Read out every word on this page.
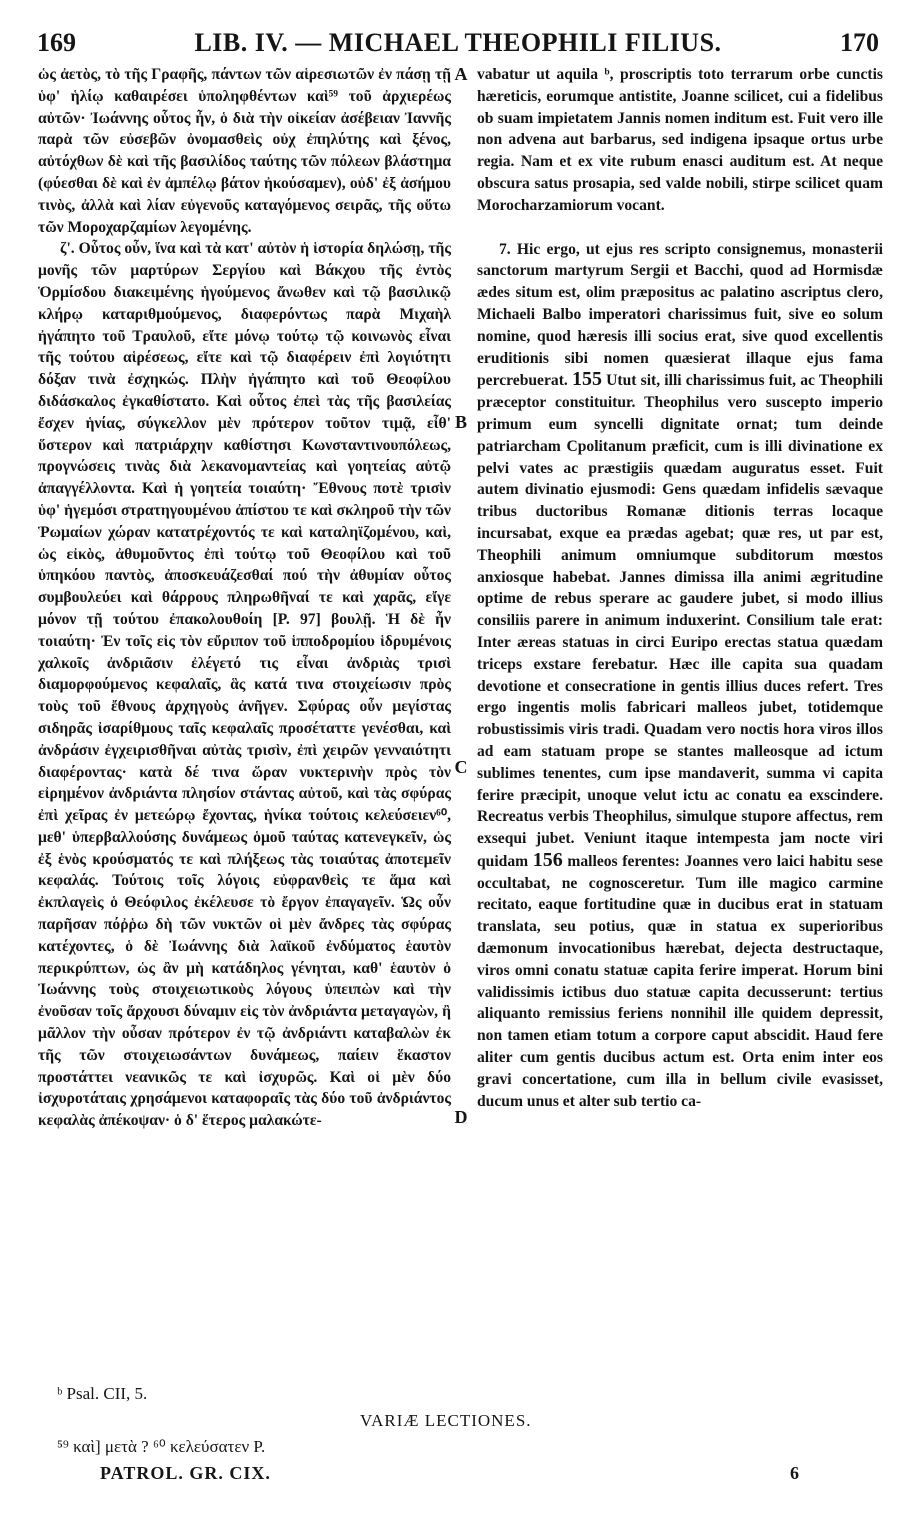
169	LIB. IV. — MICHAEL THEOPHILI FILIUS.	170

ὡς ἀετὸς, τὸ τῆς Γραφῆς, πάντων τῶν αἱρεσιωτῶν ἐν πάσῃ τῇ ὑφ' ἡλίῳ καθαιρέσει ὑποληφθέντων καὶ⁵⁹ τοῦ ἀρχιερέως αὐτῶν· Ἰωάννης οὗτος ἦν, ὁ διὰ τὴν οἰκείαν ἀσέβειαν Ἰαννῆς παρὰ τῶν εὐσεβῶν ὀνομασθεὶς οὐχ ἐπηλύτης καὶ ξένος, αὐτόχθων δὲ καὶ τῆς βασιλίδος ταύτης τῶν πόλεων βλάστημα (φύεσθαι δὲ καὶ ἐν ἀμπέλῳ βάτον ἠκούσαμεν), οὐδ' ἐξ ἀσήμου τινὸς, ἀλλὰ καὶ λίαν εὐγενοῦς καταγόμενος σειρᾶς, τῆς οὕτω τῶν Μοροχαρζαμίων λεγομένης.

ζ'. Οὗτος οὖν, ἵνα καὶ τὰ κατ' αὐτὸν ἡ ἱστορία δηλώσῃ, τῆς μονῆς τῶν μαρτύρων Σεργίου καὶ Βάκχου τῆς ἐντὸς Ὁρμίσδου διακειμένης ἡγούμενος ἄνωθεν καὶ τῷ βασιλικῷ κλήρῳ καταριθμούμενος, διαφερόντως παρὰ Μιχαὴλ ἠγάπητο τοῦ Τραυλοῦ, εἴτε μόνῳ τούτῳ τῷ κοινωνὸς εἶναι τῆς τούτου αἱρέσεως, εἴτε καὶ τῷ διαφέρειν ἐπὶ λογιότητι δόξαν τινὰ ἐσχηκώς. Πλὴν ἠγάπητο καὶ τοῦ Θεοφίλου διδάσκαλος ἐγκαθίστατο. Καὶ οὗτος ἐπεὶ τὰς τῆς βασιλείας ἔσχεν ἡνίας, σύγκελλον μὲν πρότερον τοῦτον τιμᾷ, εἶθ' ὕστερον καὶ πατριάρχην καθίστησι Κωνσταντινουπόλεως, προγνώσεις τινὰς διὰ λεκανομαντείας καὶ γοητείας αὐτῷ ἀπαγγέλλοντα. Καὶ ἡ γοητεία τοιαύτη· Ἔθνους ποτὲ τρισὶν ὑφ' ἡγεμόσι στρατηγουμένου ἀπίστου τε καὶ σκληροῦ τὴν τῶν Ῥωμαίων χώραν κατατρέχοντός τε καὶ καταληϊζομένου, καὶ, ὡς εἰκὸς, ἀθυμοῦντος ἐπὶ τούτῳ τοῦ Θεοφίλου καὶ τοῦ ὑπηκόου παντὸς, ἀποσκευάζεσθαί πού τὴν ἀθυμίαν οὗτος συμβουλεύει καὶ θάρρους πληρωθῆναί τε καὶ χαρᾶς, εἴγε μόνον τῇ τούτου ἐπακολουθοίη [P. 97] βουλῇ. Ἡ δὲ ἦν τοιαύτη· Ἐν τοῖς εἰς τὸν εὔριπον τοῦ ἱπποδρομίου ἱδρυμένοις χαλκοῖς ἀνδριᾶσιν ἐλέγετό τις εἶναι ἀνδριὰς τρισὶ διαμορφούμενος κεφαλαῖς, ἃς κατά τινα στοιχείωσιν πρὸς τοὺς τοῦ ἔθνους ἀρχηγοὺς ἀνῆγεν. Σφύρας οὖν μεγίστας σιδηρᾶς ἰσαρίθμους ταῖς κεφαλαῖς προσέταττε γενέσθαι, καὶ ἀνδράσιν ἐγχειρισθῆναι αὐτὰς τρισὶν, ἐπὶ χειρῶν γενναιότητι διαφέροντας· κατὰ δέ τινα ὥραν νυκτερινὴν πρὸς τὸν εἰρημένον ἀνδριάντα πλησίον στάντας αὐτοῦ, καὶ τὰς σφύρας ἐπὶ χεῖρας ἐν μετεώρῳ ἔχοντας, ἡνίκα τούτοις κελεύσειεν⁶⁰, μεθ' ὑπερβαλλούσης δυνάμεως ὁμοῦ ταύτας κατενεγκεῖν, ὡς ἐξ ἑνὸς κρούσματός τε καὶ πλήξεως τὰς τοιαύτας ἀποτεμεῖν κεφαλάς. Τούτοις τοῖς λόγοις εὐφρανθεὶς τε ἅμα καὶ ἐκπλαγεὶς ὁ Θεόφιλος ἐκέλευσε τὸ ἔργον ἐπαγαγεῖν. Ὡς οὖν παρῆσαν πόῤῥω δὴ τῶν νυκτῶν οἱ μὲν ἄνδρες τὰς σφύρας κατέχοντες, ὁ δὲ Ἰωάννης διὰ λαϊκοῦ ἐνδύματος ἑαυτὸν περικρύπτων, ὡς ἂν μὴ κατάδηλος γένηται, καθ' ἑαυτὸν ὁ Ἰωάννης τοὺς στοιχειωτικοὺς λόγους ὑπειπὼν καὶ τὴν ἐνοῦσαν τοῖς ἄρχουσι δύναμιν εἰς τὸν ἀνδριάντα μεταγαγὼν, ἢ μᾶλλον τὴν οὖσαν πρότερον ἐν τῷ ἀνδριάντι καταβαλὼν ἐκ τῆς τῶν στοιχειωσάντων δυνάμεως, παίειν ἕκαστον προστάττει νεανικῶς τε καὶ ἰσχυρῶς. Καὶ οἱ μὲν δύο ἰσχυροτάταις χρησάμενοι καταφοραῖς τὰς δύο τοῦ ἀνδριάντος κεφαλὰς ἀπέκοψαν· ὁ δ' ἕτερος μαλακώτε-

vabatur ut aquila ᵇ, proscriptis toto terrarum orbe cunctis hæreticis, eorumque antistite, Joanne scilicet, cui a fidelibus ob suam impietatem Jannis nomen inditum est. Fuit vero ille non advena aut barbarus, sed indigena ipsaque ortus urbe regia. Nam et ex vite rubum enasci auditum est. At neque obscura satus prosapia, sed valde nobili, stirpe scilicet quam Morocharzamiorum vocant.

7. Hic ergo, ut ejus res scripto consignemus, monasterii sanctorum martyrum Sergii et Bacchi, quod ad Hormisdæ ædes situm est, olim præpositus ac palatino ascriptus clero, Michaeli Balbo imperatori charissimus fuit, sive eo solum nomine, quod hæresis illi socius erat, sive quod excellentis eruditionis sibi nomen quæsierat illaque ejus fama percrebuerat. 155 Utut sit, illi charissimus fuit, ac Theophili præceptor constituitur. Theophilus vero suscepto imperio primum eum syncelli dignitate ornat; tum deinde patriarcham Cpolitanum præficit, cum is illi divinatione ex pelvi vates ac præstigiis quædam auguratus esset. Fuit autem divinatio ejusmodi: Gens quædam infidelis sævaque tribus ductoribus Romanæ ditionis terras locaque incursabat, exque ea prædas agebat; quæ res, ut par est, Theophili animum omniumque subditorum mœstos anxiosque habebat. Jannes dimissa illa animi ægritudine optime de rebus sperare ac gaudere jubet, si modo illius consiliis parere in animum induxerint. Consilium tale erat: Inter æreas statuas in circi Euripo erectas statua quædam triceps exstare ferebatur. Hæc ille capita sua quadam devotione et consecratione in gentis illius duces refert. Tres ergo ingentis molis fabricari malleos jubet, totidemque robustissimis viris tradi. Quadam vero noctis hora viros illos ad eam statuam prope se stantes malleosque ad ictum sublimes tenentes, cum ipse mandaverit, summa vi capita ferire præcipit, unoque velut ictu ac conatu ea exscindere. Recreatus verbis Theophilus, simulque stupore affectus, rem exsequi jubet. Veniunt itaque intempesta jam nocte viri quidam 156 malleos ferentes: Joannes vero laici habitu sese occultabat, ne cognosceretur. Tum ille magico carmine recitato, eaque fortitudine quæ in ducibus erat in statuam translata, seu potius, quæ in statua ex superioribus dæmonum invocationibus hærebat, dejecta destructaque, viros omni conatu statuæ capita ferire imperat. Horum bini validissimis ictibus duo statuæ capita decusserunt: tertius aliquanto remissius feriens nonnihil ille quidem depressit, non tamen etiam totum a corpore caput abscidit. Haud fere aliter cum gentis ducibus actum est. Orta enim inter eos gravi concertatione, cum illa in bellum civile evasisset, ducum unus et alter sub tertio ca-

A
B
C
D
ᵇ Psal. CII, 5.
VARIÆ LECTIONES.
⁵⁹ καὶ] μετὰ ? ⁶⁰ κελεύσατεν P.
PATROL. GR. CIX.	6
